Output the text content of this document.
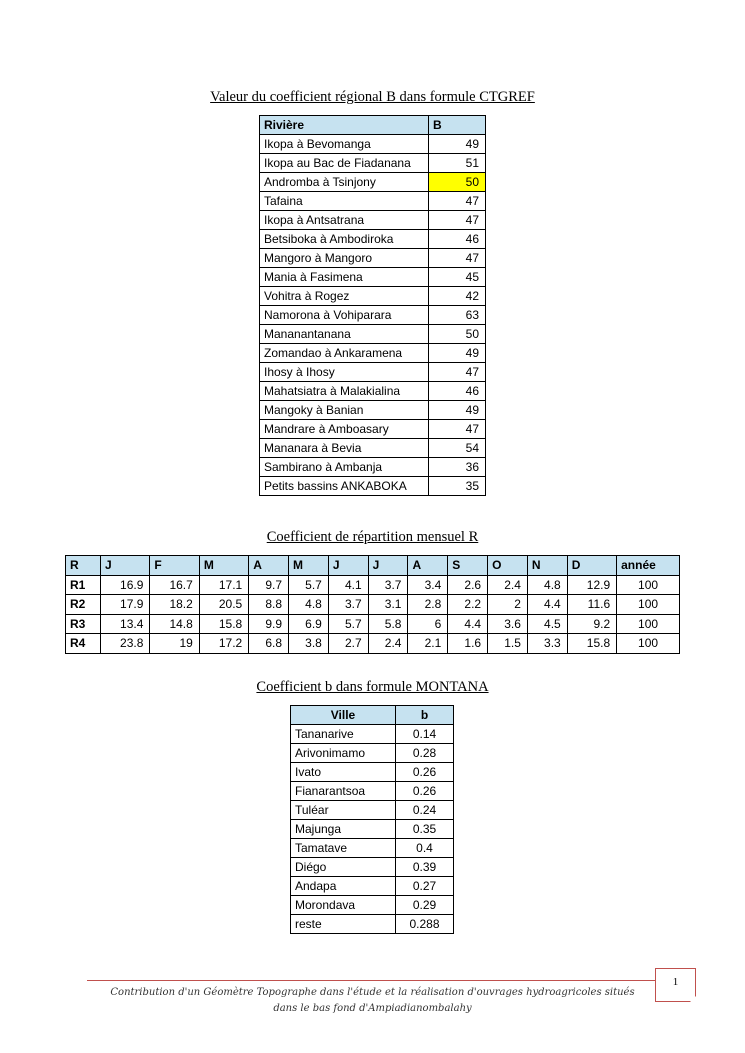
Valeur du coefficient régional B dans formule CTGREF
Rivière	B
Ikopa à Bevomanga	49
Ikopa au Bac de Fiadanana	51
Andromba à Tsinjony	50
Tafaina	47
Ikopa à Antsatrana	47
Betsiboka à Ambodiroka	46
Mangoro à Mangoro	47
Mania à Fasimena	45
Vohitra à Rogez	42
Namorona à Vohiparara	63
Mananantanana	50
Zomandao à Ankaramena	49
Ihosy à Ihosy	47
Mahatsiatra à Malakialina	46
Mangoky à Banian	49
Mandrare à Amboasary	47
Mananara à Bevia	54
Sambirano à Ambanja	36
Petits bassins ANKABOKA	35
Coefficient de répartition mensuel R
R	J	F	M	A	M	J	J	A	S	O	N	D	année
R1	16.9	16.7	17.1	9.7	5.7	4.1	3.7	3.4	2.6	2.4	4.8	12.9	100
R2	17.9	18.2	20.5	8.8	4.8	3.7	3.1	2.8	2.2	2	4.4	11.6	100
R3	13.4	14.8	15.8	9.9	6.9	5.7	5.8	6	4.4	3.6	4.5	9.2	100
R4	23.8	19	17.2	6.8	3.8	2.7	2.4	2.1	1.6	1.5	3.3	15.8	100
Coefficient b dans formule MONTANA
Ville	b
Tananarive	0.14
Arivonimamo	0.28
Ivato	0.26
Fianarantsoa	0.26
Tuléar	0.24
Majunga	0.35
Tamatave	0.4
Diégo	0.39
Andapa	0.27
Morondava	0.29
reste	0.288
1
Contribution d'un Géomètre Topographe dans l'étude et la réalisation d'ouvrages hydroagricoles situés dans le bas fond d'Ampiadianombalahy
